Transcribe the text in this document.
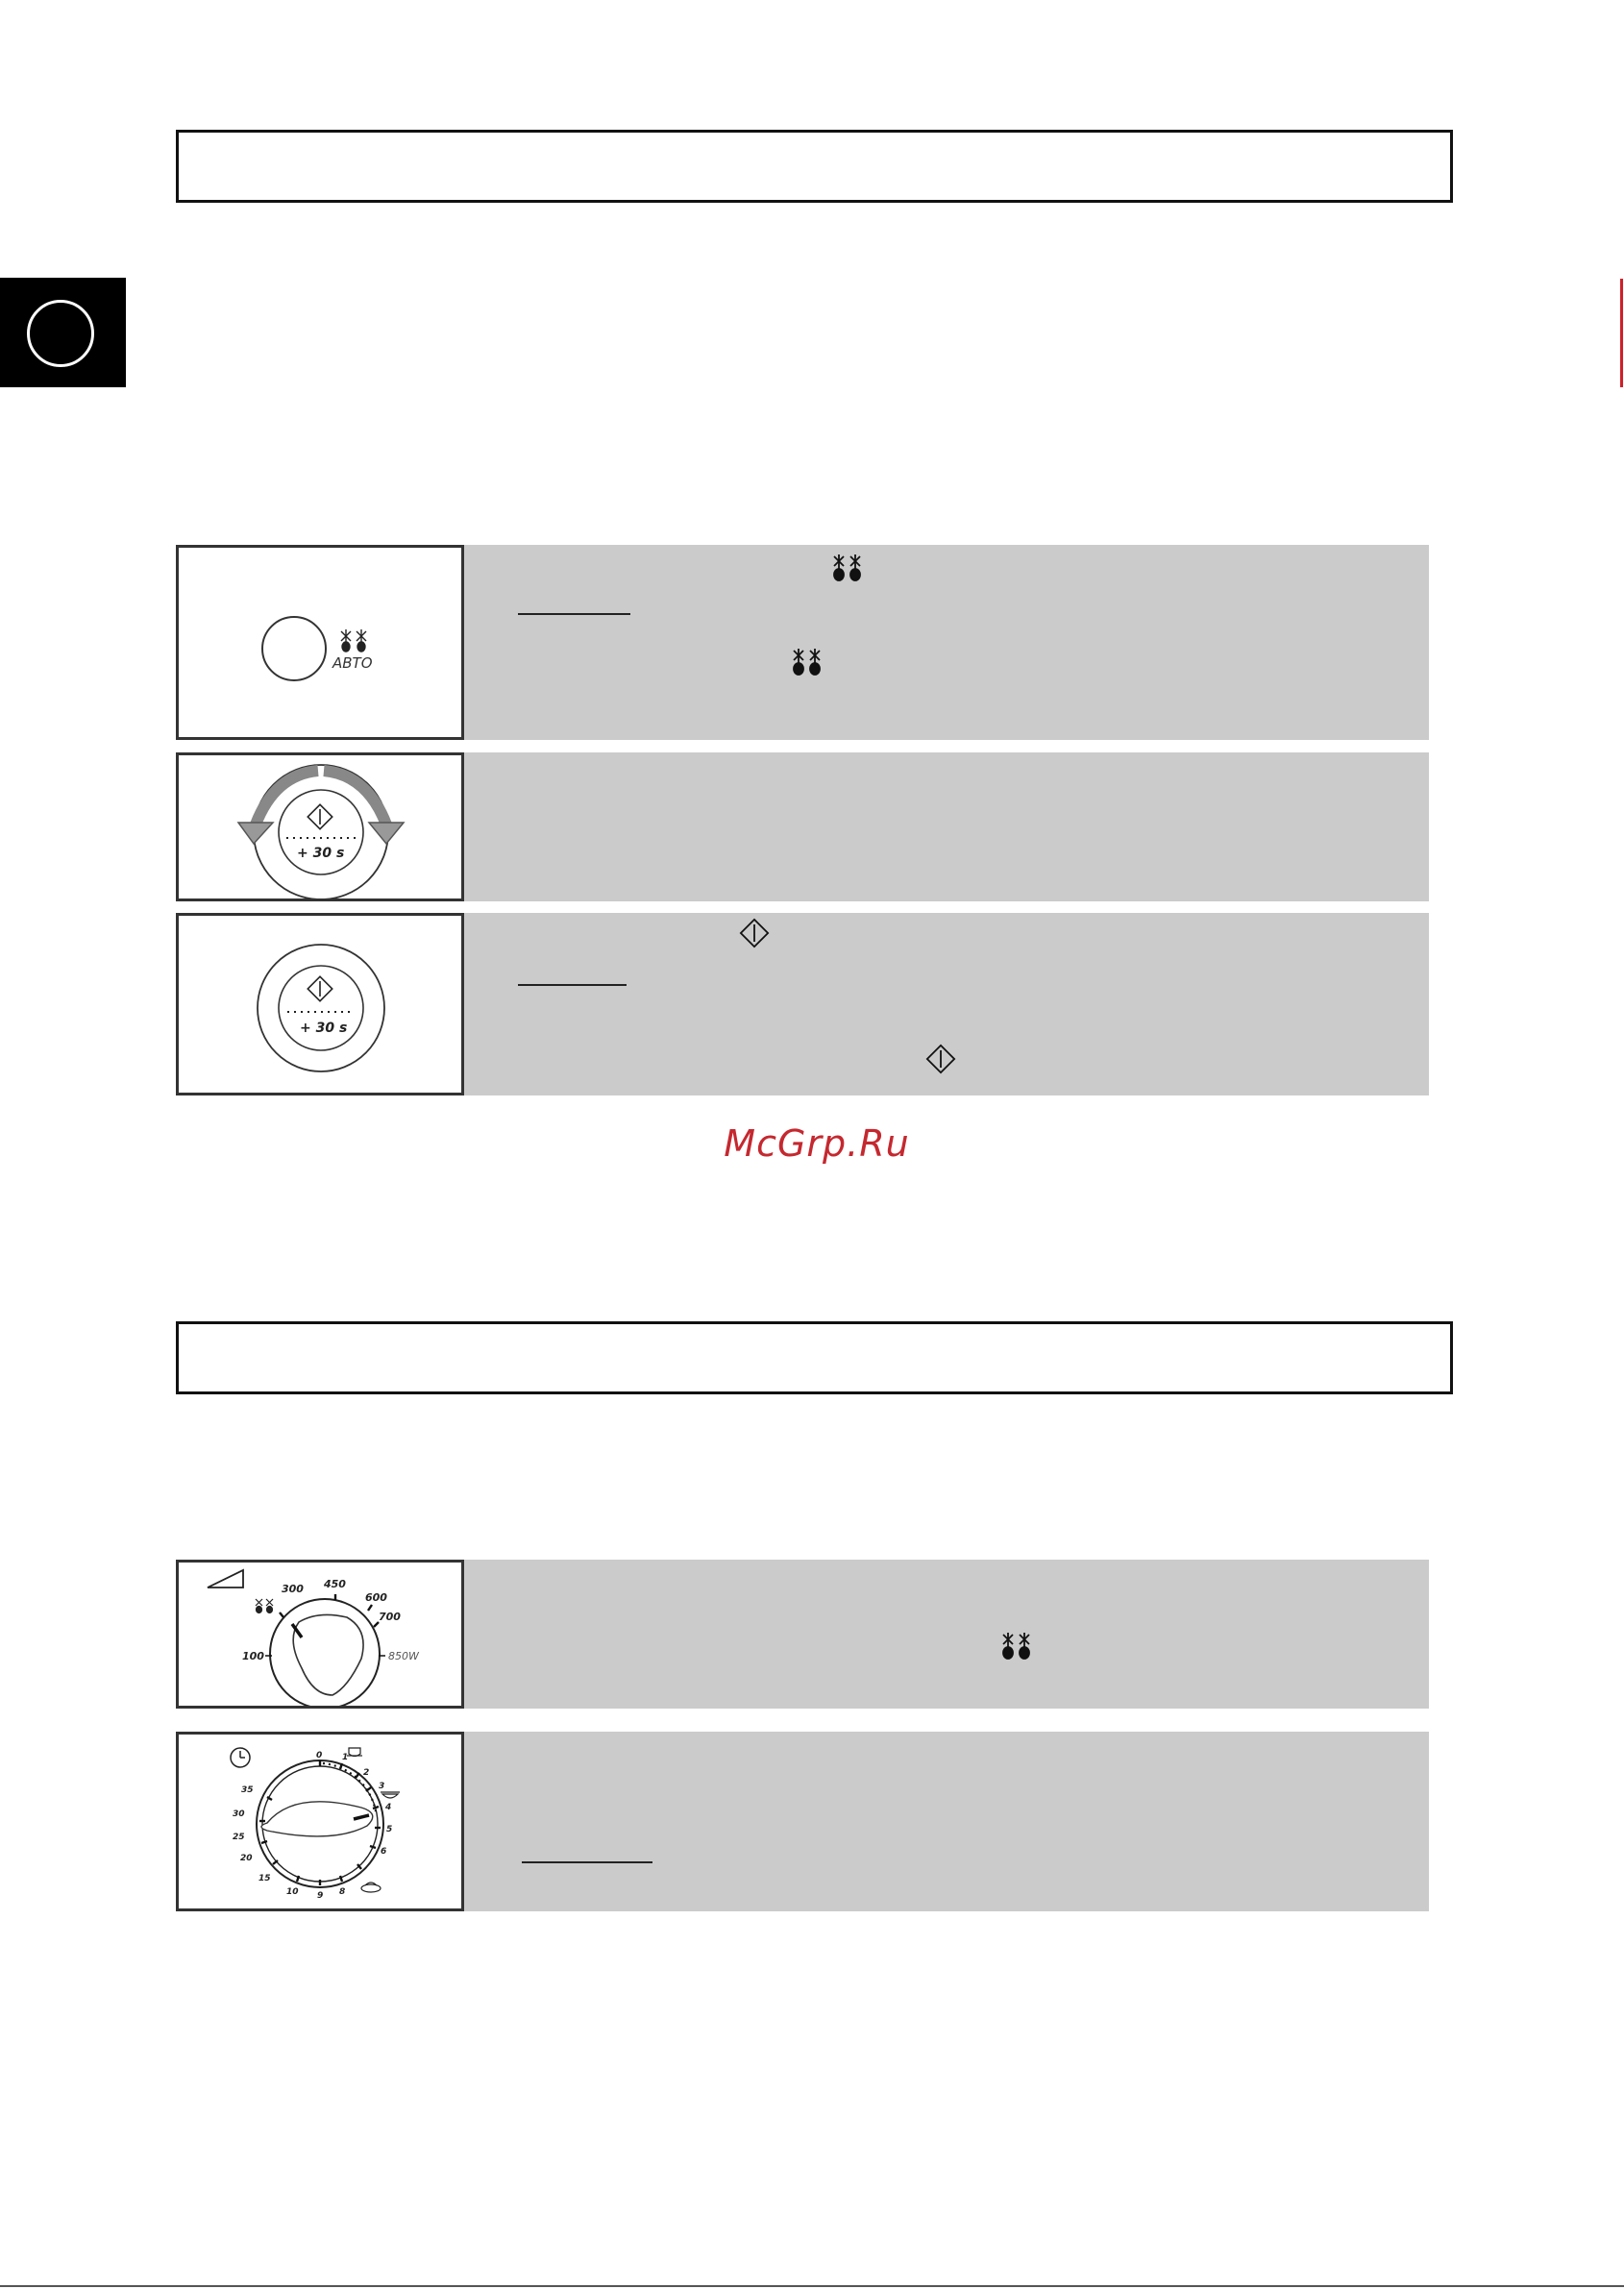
АВТО
+ 30 s
+ 30 s
McGrp.Ru
100
300 450
600
700
850W
0 1
2
3
4
5
6
8
9
10
15
20
25
30
35
